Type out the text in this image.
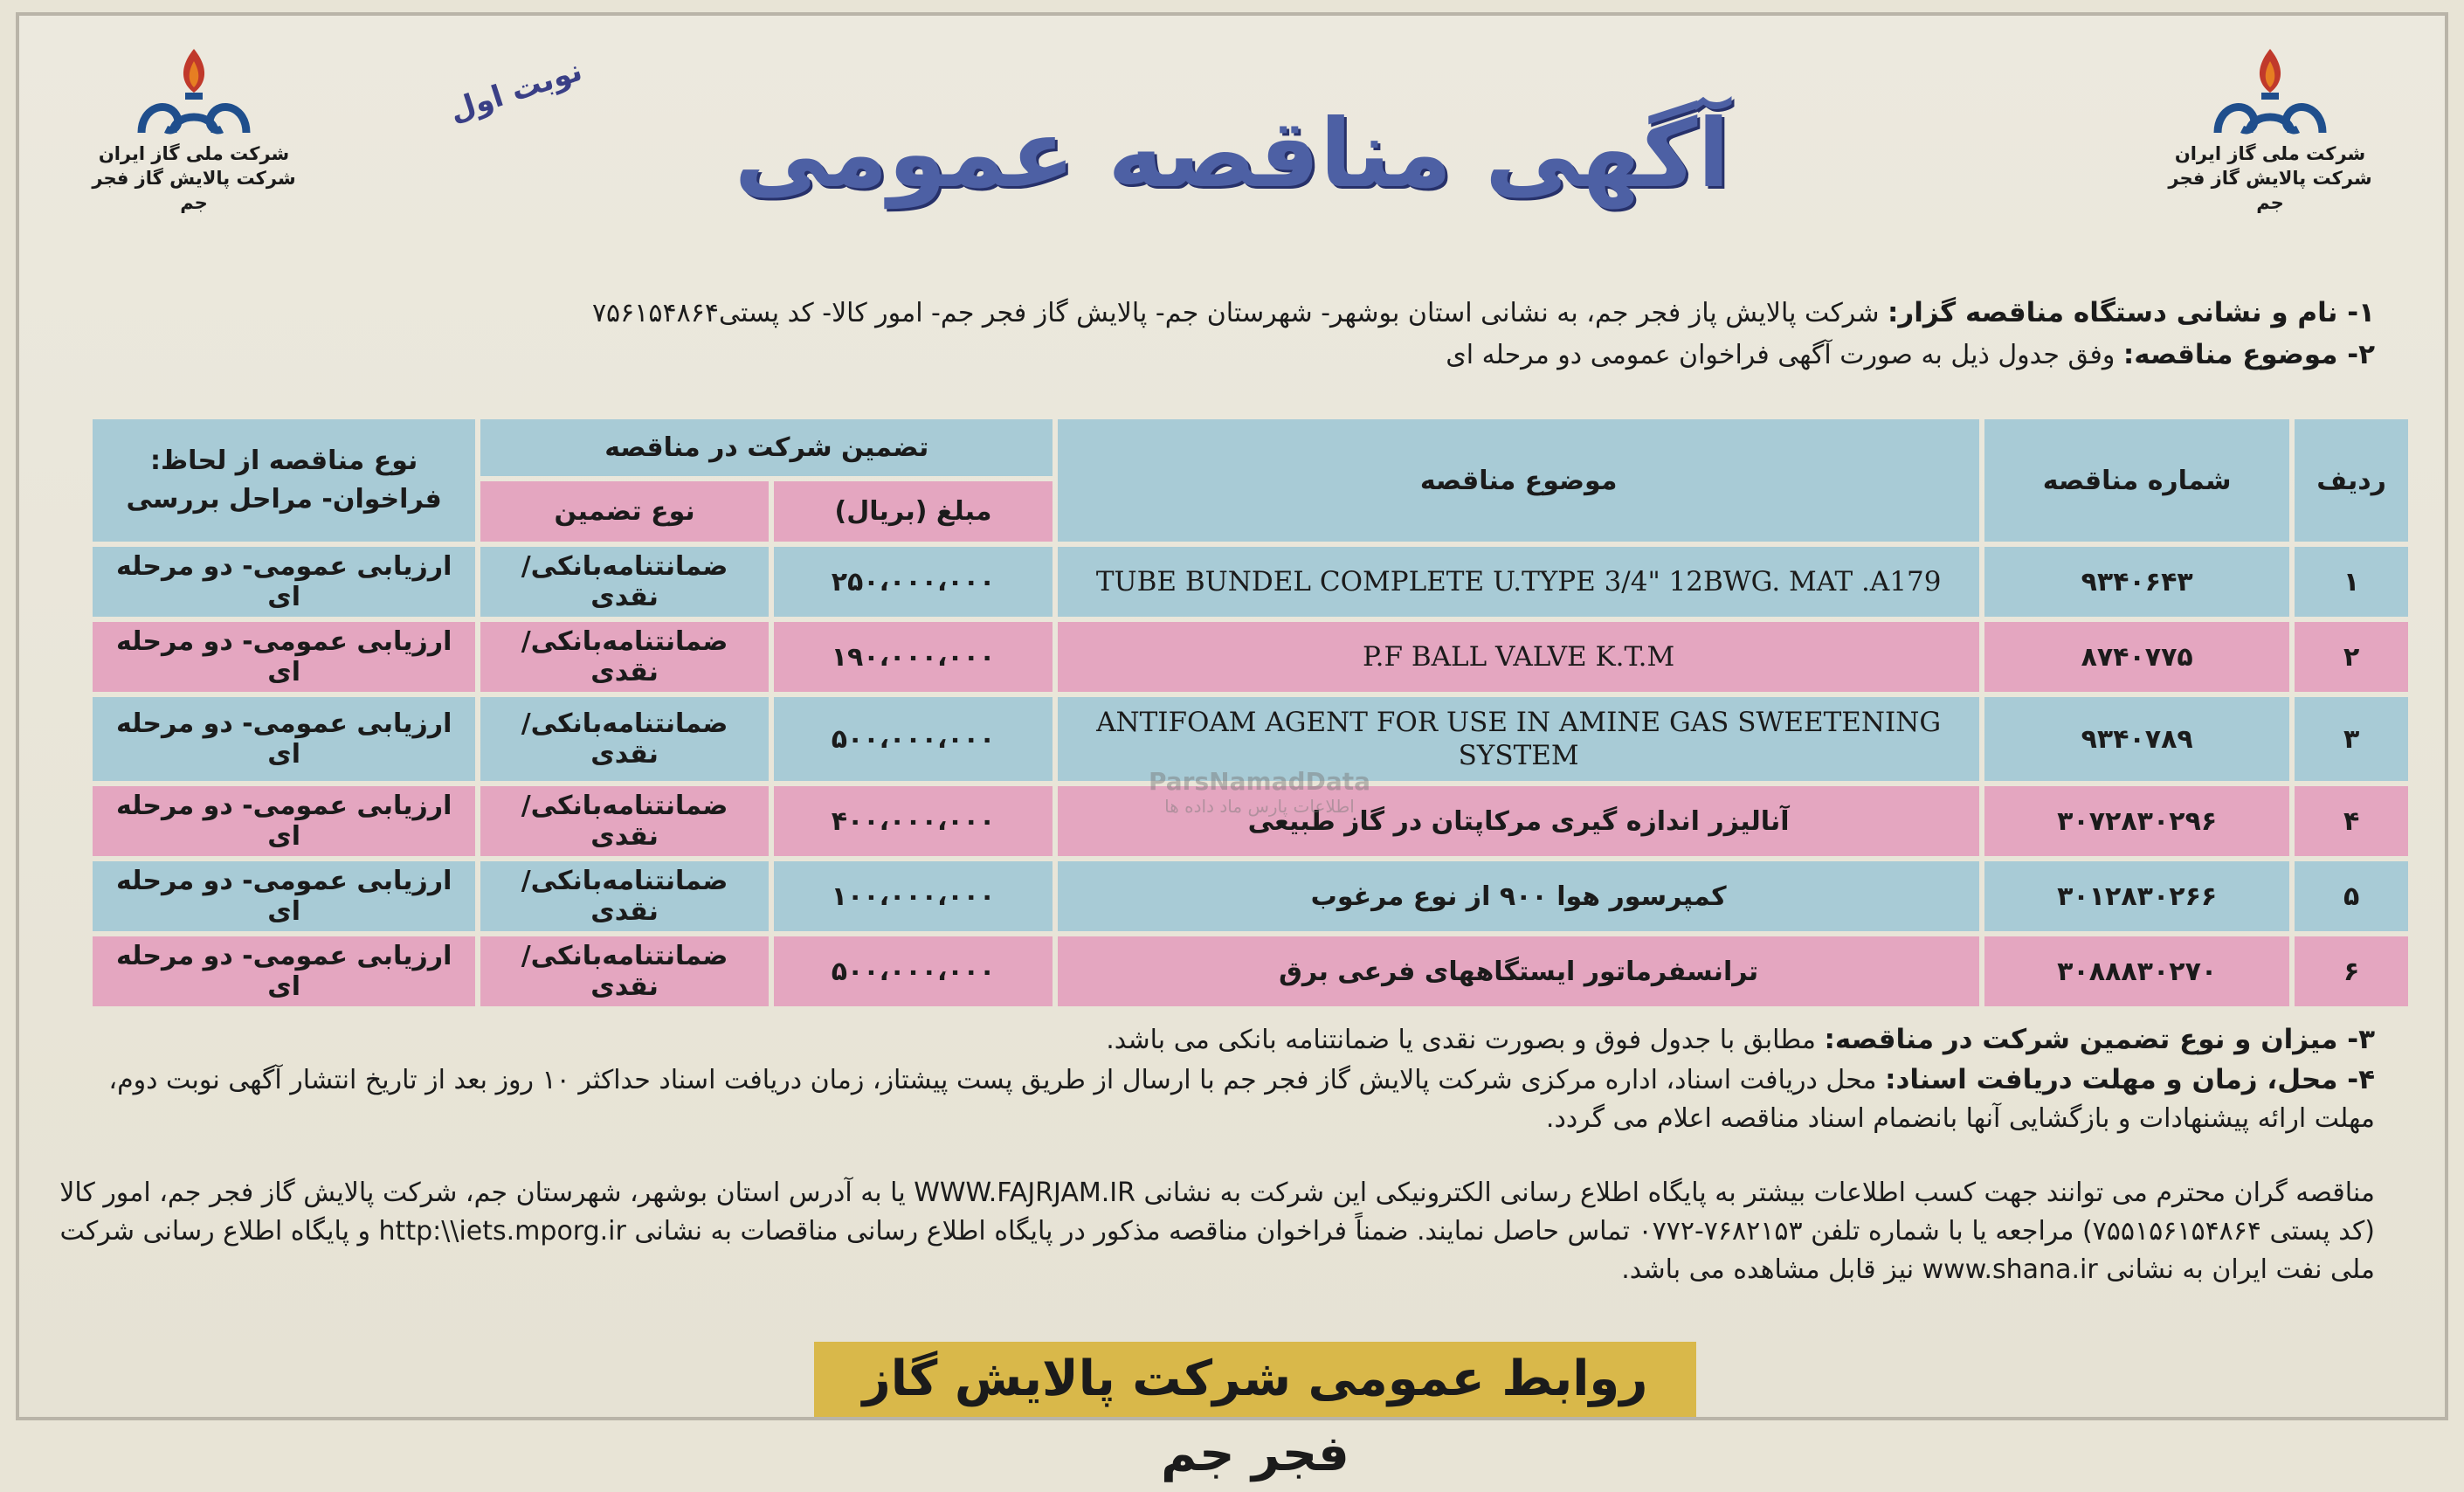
شرکت ملی گاز ایران
شرکت پالایش گاز فجر جم
شرکت ملی گاز ایران
شرکت پالایش گاز فجر جم
نوبت اول
آگهی مناقصه عمومی
۱- نام و نشانی دستگاه مناقصه گزار: شرکت پالایش پاز فجر جم، به نشانی استان بوشهر- شهرستان جم- پالایش گاز فجر جم- امور کالا- کد پستی۷۵۶۱۵۴۸۶۴
۲- موضوع مناقصه: وفق جدول ذیل به صورت آگهی فراخوان عمومی دو مرحله ای
ردیف	شماره مناقصه	موضوع مناقصه	تضمین شرکت در مناقصه		نوع مناقصه از لحاظ: فراخوان- مراحل بررسی
			مبلغ (بریال)	نوع تضمین	
۱	۹۳۴۰۶۴۳	TUBE BUNDEL COMPLETE U.TYPE 3/4" 12BWG. MAT .A179	۲۵۰،۰۰۰،۰۰۰	ضمانتنامه‌بانکی/نقدی	ارزیابی عمومی- دو مرحله ای
۲	۸۷۴۰۷۷۵	P.F BALL VALVE K.T.M	۱۹۰،۰۰۰،۰۰۰	ضمانتنامه‌بانکی/نقدی	ارزیابی عمومی- دو مرحله ای
۳	۹۳۴۰۷۸۹	ANTIFOAM AGENT FOR USE IN AMINE GAS SWEETENING SYSTEM	۵۰۰،۰۰۰،۰۰۰	ضمانتنامه‌بانکی/نقدی	ارزیابی عمومی- دو مرحله ای
۴	۳۰۷۲۸۳۰۲۹۶	آنالیزر اندازه گیری مرکاپتان در گاز طبیعی	۴۰۰،۰۰۰،۰۰۰	ضمانتنامه‌بانکی/نقدی	ارزیابی عمومی- دو مرحله ای
۵	۳۰۱۲۸۳۰۲۶۶	کمپرسور هوا ۹۰۰ از نوع مرغوب	۱۰۰،۰۰۰،۰۰۰	ضمانتنامه‌بانکی/نقدی	ارزیابی عمومی- دو مرحله ای
۶	۳۰۸۸۸۳۰۲۷۰	ترانسفرماتور ایستگاههای فرعی برق	۵۰۰،۰۰۰،۰۰۰	ضمانتنامه‌بانکی/نقدی	ارزیابی عمومی- دو مرحله ای
ParsNamadData
اطلاعات پارس ماد داده ها
۳- میزان و نوع تضمین شرکت در مناقصه: مطابق با جدول فوق و بصورت نقدی یا ضمانتنامه بانکی می باشد.
۴- محل، زمان و مهلت دریافت اسناد: محل دریافت اسناد، اداره مرکزی شرکت پالایش گاز فجر جم با ارسال از طریق پست پیشتاز، زمان دریافت اسناد حداکثر ۱۰ روز بعد از تاریخ انتشار آگهی نوبت دوم، مهلت ارائه پیشنهادات و بازگشایی آنها بانضمام اسناد مناقصه اعلام می گردد.
مناقصه گران محترم می توانند جهت کسب اطلاعات بیشتر به پایگاه اطلاع رسانی الکترونیکی این شرکت به نشانی WWW.FAJRJAM.IR یا به آدرس استان بوشهر، شهرستان جم، شرکت پالایش گاز فجر جم، امور کالا (کد پستی ۷۵۵۱۵۶۱۵۴۸۶۴) مراجعه یا با شماره تلفن ۷۶۸۲۱۵۳-۰۷۷۲ تماس حاصل نمایند. ضمناً فراخوان مناقصه مذکور در پایگاه اطلاع رسانی مناقصات به نشانی http:\\iets.mporg.ir و پایگاه اطلاع رسانی شرکت ملی نفت ایران به نشانی www.shana.ir نیز قابل مشاهده می باشد.
روابط عمومی شرکت پالایش گاز فجر جم
